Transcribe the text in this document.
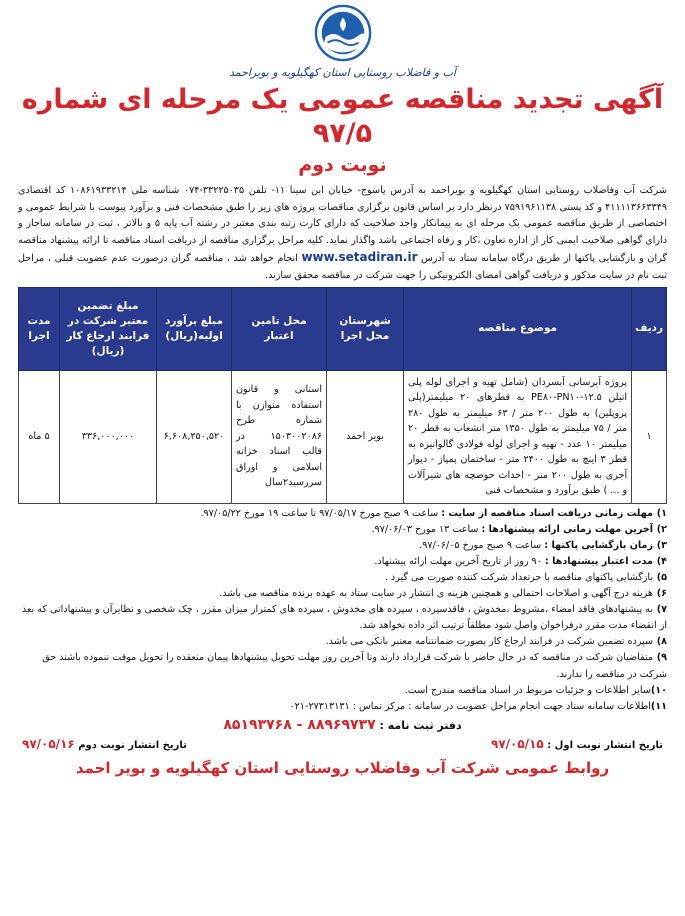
آب و فاضلاب روستایی استان کهگیلویه و بویراحمد
آگهی تجدید مناقصه عمومی یک مرحله ای شماره ۹۷/۵
نوبت دوم
شرکت آب وفاضلاب روستایی استان کهگیلویه و بویراحمد به آدرس یاسوج- خیابان ابن سینا ۱۱- تلفن ۳۳۲۲۵۰۳۵-۰۷۴ شناسه ملی ۱۰۸۶۱۹۳۳۲۱۴ کد اقتصادی ۴۱۱۱۱۳۶۶۳۳۴۹ و کد پستی ۷۵۹۱۹۶۱۱۳۸ درنظر دارد بر اساس قانون برگزاری مناقصات پروژه های زیر را طبق مشخصات فنی و برآورد پیوست با شرایط عمومی و اختصاصی از طریق مناقصه عمومی یک مرحله ای به پیمانکار واجد صلاحیت که دارای کارت رتبه بندی معتبر در رشته آب پایه ۵ و بالاتر ، ثبت در سامانه ساجار و دارای گواهی صلاحیت ایمنی کار از اداره تعاون ،کار و رفاه اجتماعی باشد واگذار نماید. کلیه مراحل برگزاری مناقصه از دریافت اسناد مناقصه تا ارائه پیشنهاد مناقصه گران و بازگشایی پاکتها از طریق درگاه سامانه ستاد به آدرس www.setadiran.ir انجام خواهد شد ، مناقصه گران درصورت عدم عضویت قبلی ، مراحل ثبت نام در سایت مذکور و دریافت گواهی امضای الکترونیکی را جهت شرکت در مناقصه محقق سازند.
ردیف	موضوع مناقصه	شهرستان محل اجرا	محل تامین اعتبار	مبلغ برآورد اولیه(ریال)	مبلغ تضمین معتبر شرکت در فرایند ارجاع کار (ریال)	مدت اجرا
۱	پروژه آبرسانی آبسردان (شامل تهیه و اجرای لوله پلی اتیلن PE۸۰-PN۱۰-۱۲.۵ به قطرهای ۲۰ میلیمتر(پلی پروپلین) به طول ۲۰۰ متر / ۶۳ میلیمتر به طول ۲۸۰ متر / ۷۵ میلیمتر به طول ۱۳۵۰ متر انشعاب به قطر ۲۰ میلیمتر ۱۰ عدد - تهیه و اجرای لوله فولادی گالوانیزه به قطر ۳ اینچ به طول ۲۴۰۰ متر - ساختمان پمپاژ - دیوار آجری به طول ۲۰۰ متر - احداث حوضچه های شیرآلات و ... ) طبق برآورد و مشخصات فنی	بویر احمد	استانی و قانون استفاده متوازن با شماره طرح ۱۵۰۳۰۰۲۰۸۶ در قالب اسناد خزانه اسلامی و اوراق سررسید۲سال	۶,۶۰۸,۲۵۰,۵۲۰	۳۳۶,۰۰۰,۰۰۰	۵ ماه
۱)مهلت زمانی دریافت اسناد مناقصه از سایت : ساعت ۹ صبح مورخ ۹۷/۰۵/۱۷ تا ساعت ۱۹ مورخ ۹۷/۰۵/۲۲.
۲)آخرین مهلت زمانی ارائه پیشنهادها : ساعت ۱۳ مورخ ۹۷/۰۶/۰۳.
۳)زمان بازگشایی پاکتها : ساعت ۹ صبح مورخ ۹۷/۰۶/۰۵.
۴)مدت اعتبار پیشنهادها : ۹۰ روز از تاریخ آخرین مهلت ارائه پیشنهاد.
۵)بازگشایی پاکتهای مناقصه با حرتعداد شرکت کننده صورت می گیرد .
۶)هزینه درج آگهی و اصلاحات احتمالی و همچنین هزینه ی انتشار در سایت ستاد به عهده برنده مناقصه می باشد.
۷)به پیشنهادهای فاقد امضاء ،مشروط ،مخدوش ، فاقدسپرده ، سپرده های مخدوش ، سپرده های کمتراز میزان مقرر ، چک شخصی و نظایرآن و پیشنهاداتی که بعد از انقضاء مدت مقرر درفراخوان واصل شود مطلقاً ترتیب اثر داده نخواهد شد.
۸)سپرده تضمین شرکت در فرایند ارجاع کار بصورت ضمانتنامه معتبر بانکی می باشد.
۹)متقاضیان شرکت در مناقصه که در حال حاضر با شرکت قرارداد دارند وتا آخرین روز مهلت تحویل پیشنهادها پیمان منعقده را تحویل موقت ننموده باشند حق شرکت در مناقصه را ندارند.
۱۰)سایر اطلاعات و جزئیات مربوط در اسناد مناقصه مندرج است.
۱۱)اطلاعات سامانه ستاد جهت انجام مراحل عضویت در سامانه : مرکز تماس : ۲۷۳۱۳۱۳۱-۰۲۱
دفتر ثبت نامه : ۸۸۹۶۹۷۳۷ - ۸۵۱۹۳۷۶۸
تاریخ انتشار نوبت اول : ۹۷/۰۵/۱۵
تاریخ انتشار نوبت دوم ۹۷/۰۵/۱۶
روابط عمومی شرکت آب وفاضلاب روستایی استان کهگیلویه و بویر احمد
